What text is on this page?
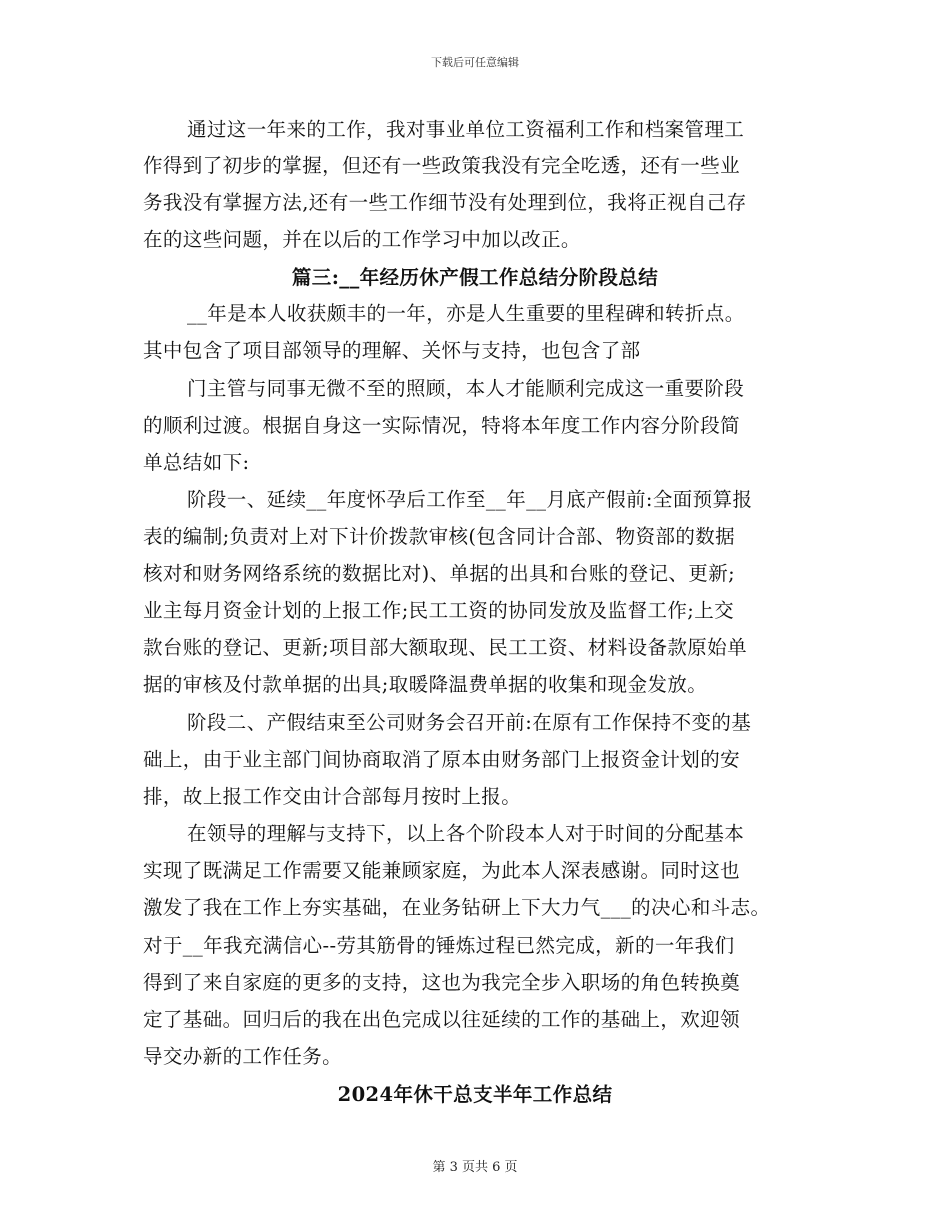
下载后可任意编辑
通过这一年来的工作，我对事业单位工资福利工作和档案管理工
作得到了初步的掌握，但还有一些政策我没有完全吃透，还有一些业
务我没有掌握方法,还有一些工作细节没有处理到位，我将正视自己存
在的这些问题，并在以后的工作学习中加以改正。
篇三:__年经历休产假工作总结分阶段总结
__年是本人收获颇丰的一年，亦是人生重要的里程碑和转折点。
其中包含了项目部领导的理解、关怀与支持，也包含了部
门主管与同事无微不至的照顾，本人才能顺利完成这一重要阶段
的顺利过渡。根据自身这一实际情况，特将本年度工作内容分阶段简
单总结如下:
阶段一、延续__年度怀孕后工作至__年__月底产假前:全面预算报
表的编制;负责对上对下计价拨款审核(包含同计合部、物资部的数据
核对和财务网络系统的数据比对)、单据的出具和台账的登记、更新;
业主每月资金计划的上报工作;民工工资的协同发放及监督工作;上交
款台账的登记、更新;项目部大额取现、民工工资、材料设备款原始单
据的审核及付款单据的出具;取暖降温费单据的收集和现金发放。
阶段二、产假结束至公司财务会召开前:在原有工作保持不变的基
础上，由于业主部门间协商取消了原本由财务部门上报资金计划的安
排，故上报工作交由计合部每月按时上报。
在领导的理解与支持下，以上各个阶段本人对于时间的分配基本
实现了既满足工作需要又能兼顾家庭，为此本人深表感谢。同时这也
激发了我在工作上夯实基础，在业务钻研上下大力气___的决心和斗志。
对于__年我充满信心--劳其筋骨的锤炼过程已然完成，新的一年我们
得到了来自家庭的更多的支持，这也为我完全步入职场的角色转换奠
定了基础。回归后的我在出色完成以往延续的工作的基础上，欢迎领
导交办新的工作任务。
2024年休干总支半年工作总结
第 3 页共 6 页
